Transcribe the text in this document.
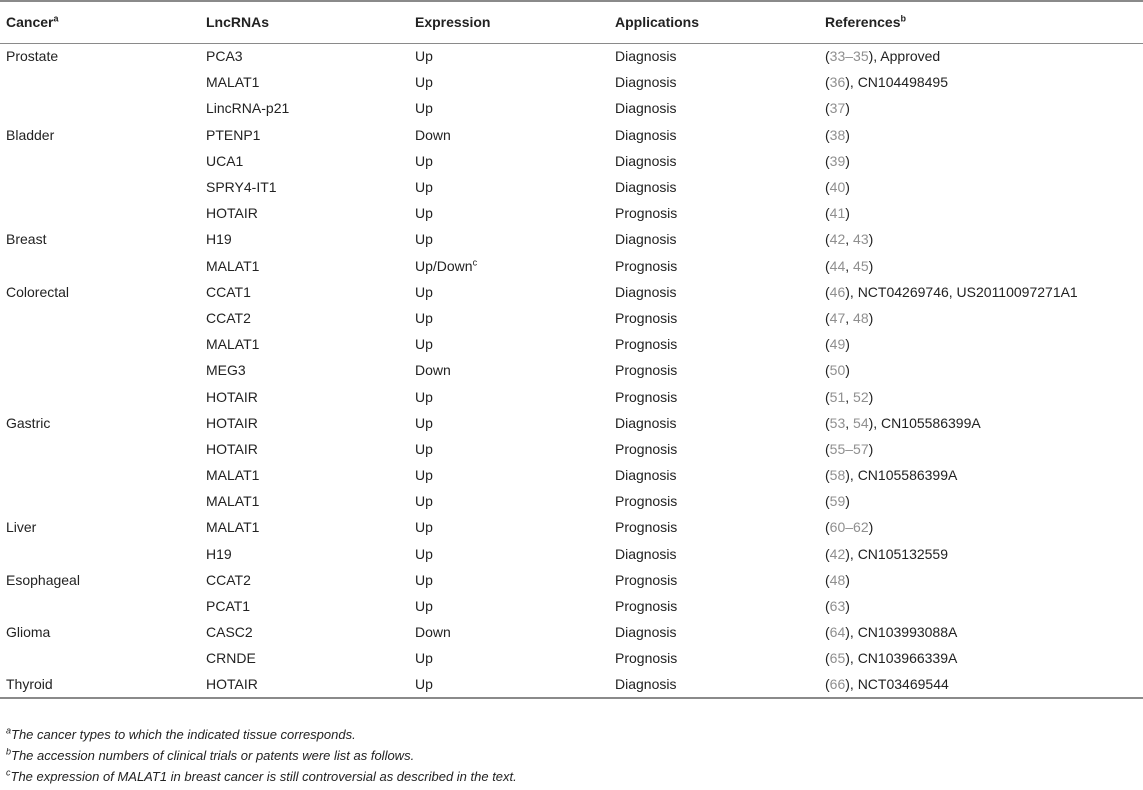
Cancer$^a$	LncRNAs	Expression	Applications	References$^b$
Prostate	PCA3	Up	Diagnosis	(33–35), Approved
	MALAT1	Up	Diagnosis	(36), CN104498495
	LincRNA-p21	Up	Diagnosis	(37)
Bladder	PTENP1	Down	Diagnosis	(38)
	UCA1	Up	Diagnosis	(39)
	SPRY4-IT1	Up	Diagnosis	(40)
	HOTAIR	Up	Prognosis	(41)
Breast	H19	Up	Diagnosis	(42, 43)
	MALAT1	Up/Down$^c$	Prognosis	(44, 45)
Colorectal	CCAT1	Up	Diagnosis	(46), NCT04269746, US20110097271A1
	CCAT2	Up	Prognosis	(47, 48)
	MALAT1	Up	Prognosis	(49)
	MEG3	Down	Prognosis	(50)
	HOTAIR	Up	Prognosis	(51, 52)
Gastric	HOTAIR	Up	Diagnosis	(53, 54), CN105586399A
	HOTAIR	Up	Prognosis	(55–57)
	MALAT1	Up	Diagnosis	(58), CN105586399A
	MALAT1	Up	Prognosis	(59)
Liver	MALAT1	Up	Prognosis	(60–62)
	H19	Up	Diagnosis	(42), CN105132559
Esophageal	CCAT2	Up	Prognosis	(48)
	PCAT1	Up	Prognosis	(63)
Glioma	CASC2	Down	Diagnosis	(64), CN103993088A
	CRNDE	Up	Prognosis	(65), CN103966339A
Thyroid	HOTAIR	Up	Diagnosis	(66), NCT03469544
$^a$The cancer types to which the indicated tissue corresponds.
$^b$The accession numbers of clinical trials or patents were list as follows.
$^c$The expression of MALAT1 in breast cancer is still controversial as described in the text.
